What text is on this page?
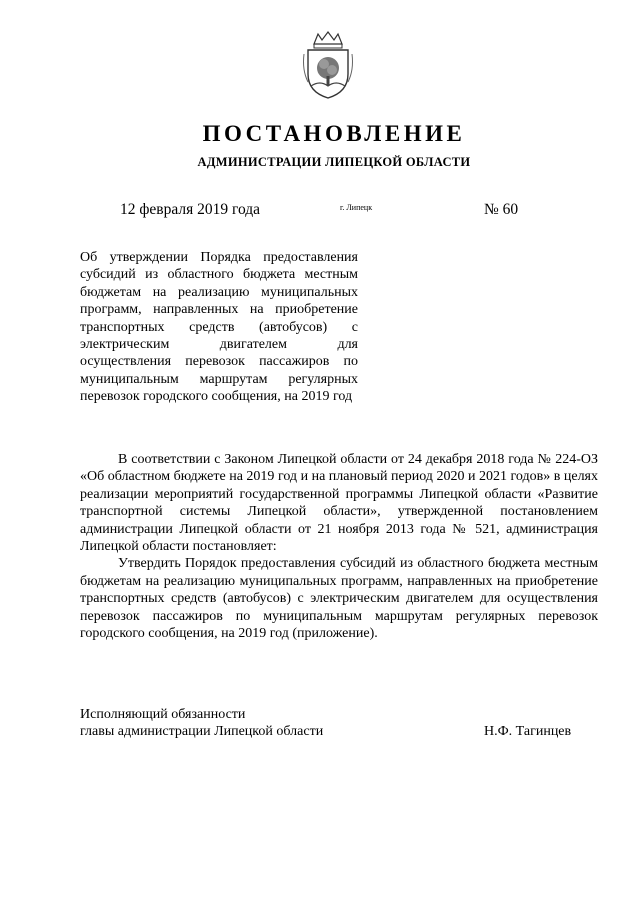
ПОСТАНОВЛЕНИЕ
АДМИНИСТРАЦИИ ЛИПЕЦКОЙ ОБЛАСТИ
12 февраля 2019 года	г. Липецк	№ 60
Об утверждении Порядка предоставления субсидий из областного бюджета местным бюджетам на реализацию муниципальных программ, направленных на приобретение транспортных средств (автобусов) с электрическим двигателем для осуществления перевозок пассажиров по муниципальным маршрутам регулярных перевозок городского сообщения, на 2019 год

В соответствии с Законом Липецкой области от 24 декабря 2018 года № 224-ОЗ «Об областном бюджете на 2019 год и на плановый период 2020 и 2021 годов» в целях реализации мероприятий государственной программы Липецкой области «Развитие транспортной системы Липецкой области», утвержденной постановлением администрации Липецкой области от 21 ноября 2013 года № 521, администрация Липецкой области постановляет:

Утвердить Порядок предоставления субсидий из областного бюджета местным бюджетам на реализацию муниципальных программ, направленных на приобретение транспортных средств (автобусов) с электрическим двигателем для осуществления перевозок пассажиров по муниципальным маршрутам регулярных перевозок городского сообщения, на 2019 год (приложение).

Исполняющий обязанности
главы администрации Липецкой области	Н.Ф. Тагинцев
